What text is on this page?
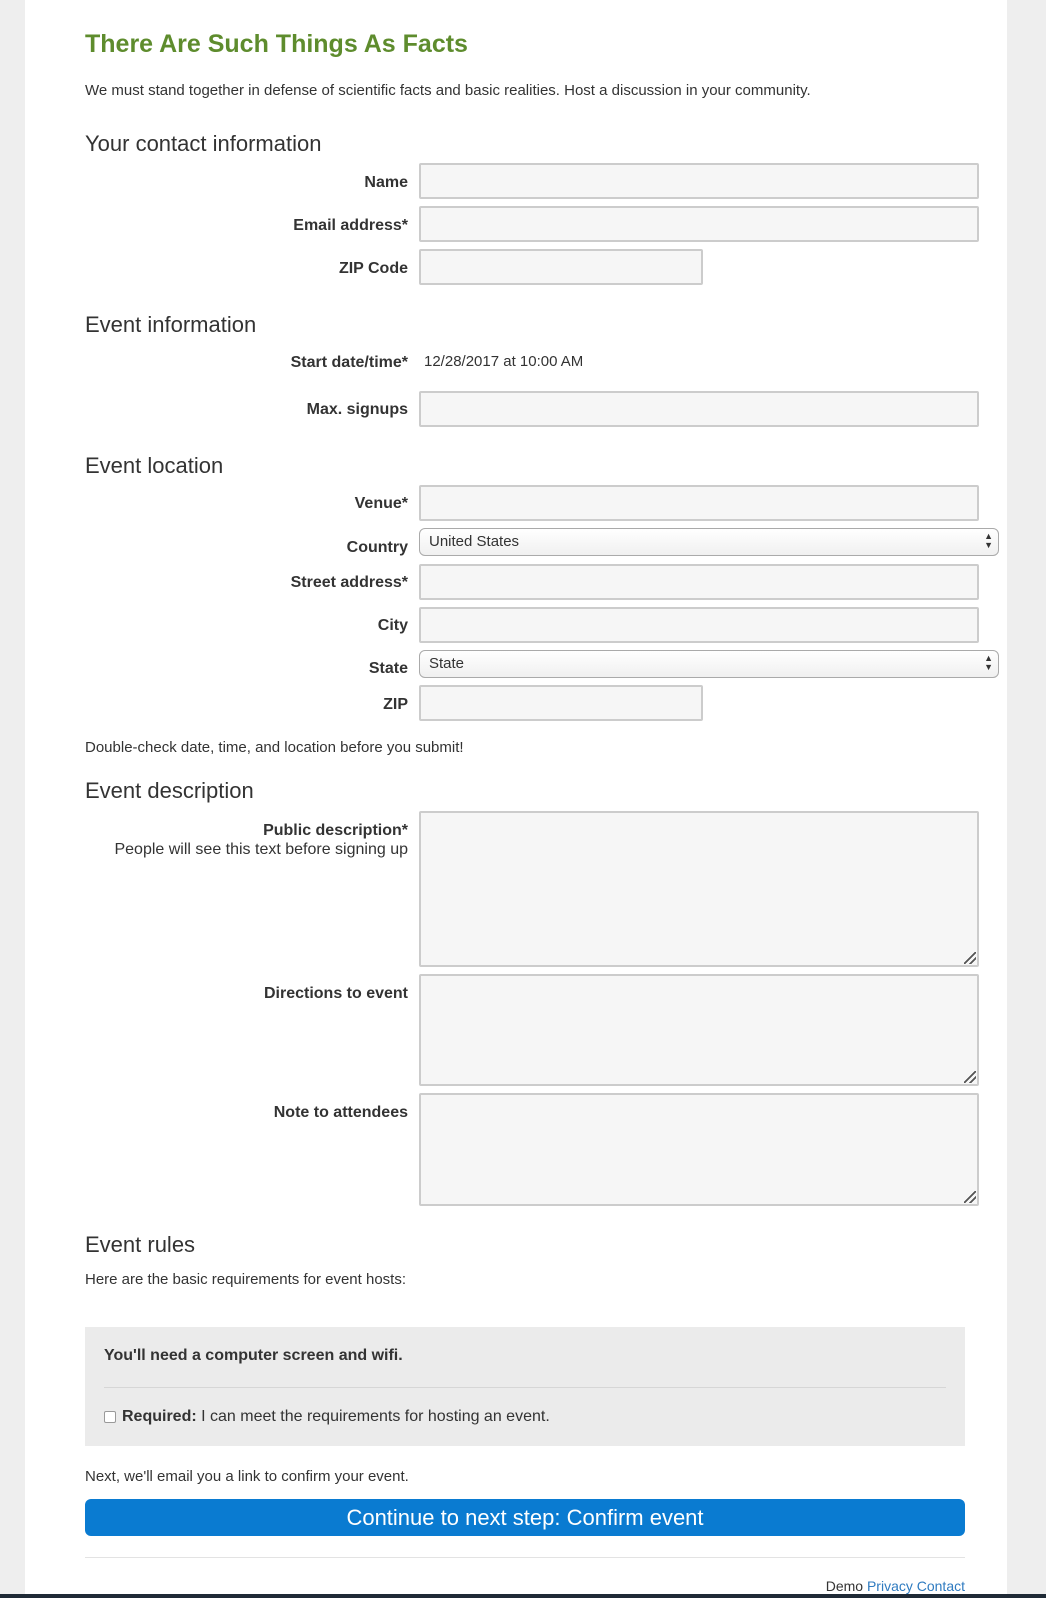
There Are Such Things As Facts

We must stand together in defense of scientific facts and basic realities. Host a discussion in your community.

Your contact information
Name
Email address*
ZIP Code
Event information
Start date/time* 12/28/2017 at 10:00 AM
Max. signups
Event location
Venue*
Country	United States	▲
▼
Street address*
City
State	State	▲
▼
ZIP

Double-check date, time, and location before you submit!

Event description
Public description*
People will see this text before signing up
Directions to event
Note to attendees
Event rules

Here are the basic requirements for event hosts:

You'll need a computer screen and wifi.
Required: I can meet the requirements for hosting an event.

Next, we'll email you a link to confirm your event.

Continue to next step: Confirm event
Demo Privacy Contact
